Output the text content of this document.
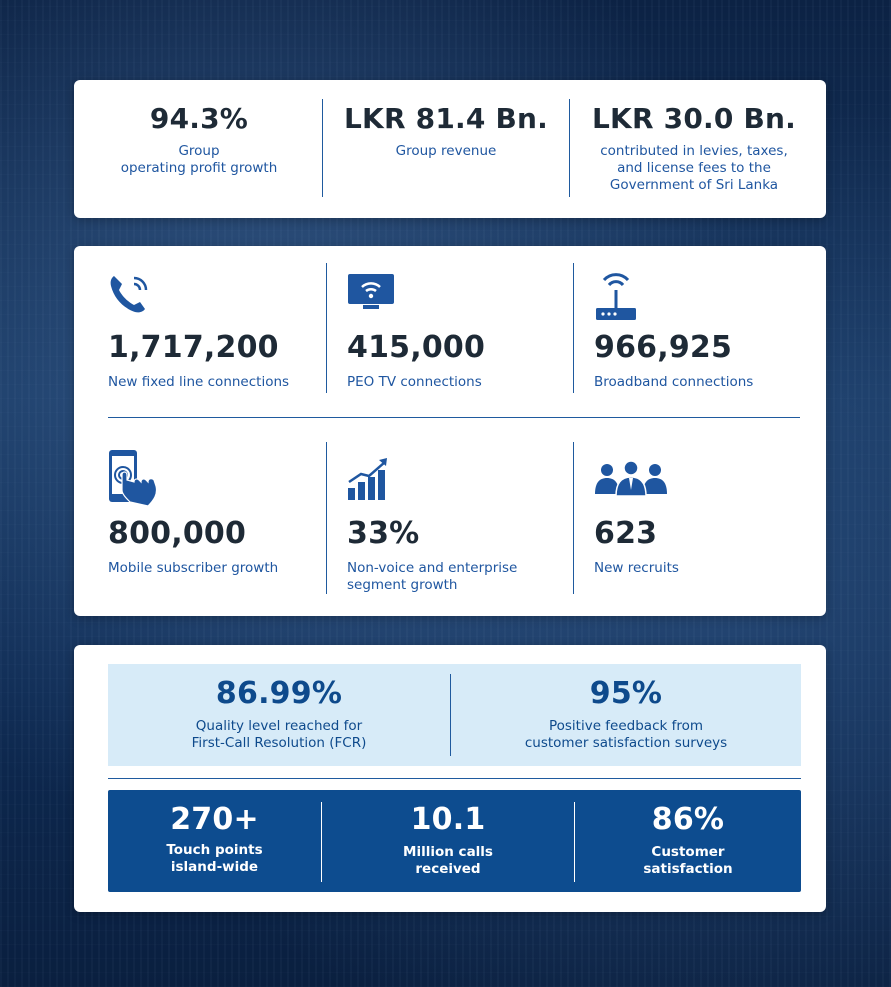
94.3%
Group
operating profit growth
LKR 81.4 Bn.
Group revenue
LKR 30.0 Bn.
contributed in levies, taxes,
and license fees to the
Government of Sri Lanka
1,717,200
New fixed line connections
415,000
PEO TV connections
966,925
Broadband connections
800,000
Mobile subscriber growth
33%
Non-voice and enterprise
segment growth
623
New recruits
86.99%
Quality level reached for
First-Call Resolution (FCR)
95%
Positive feedback from
customer satisfaction surveys
270+
Touch points
island-wide
10.1
Million calls
received
86%
Customer
satisfaction
